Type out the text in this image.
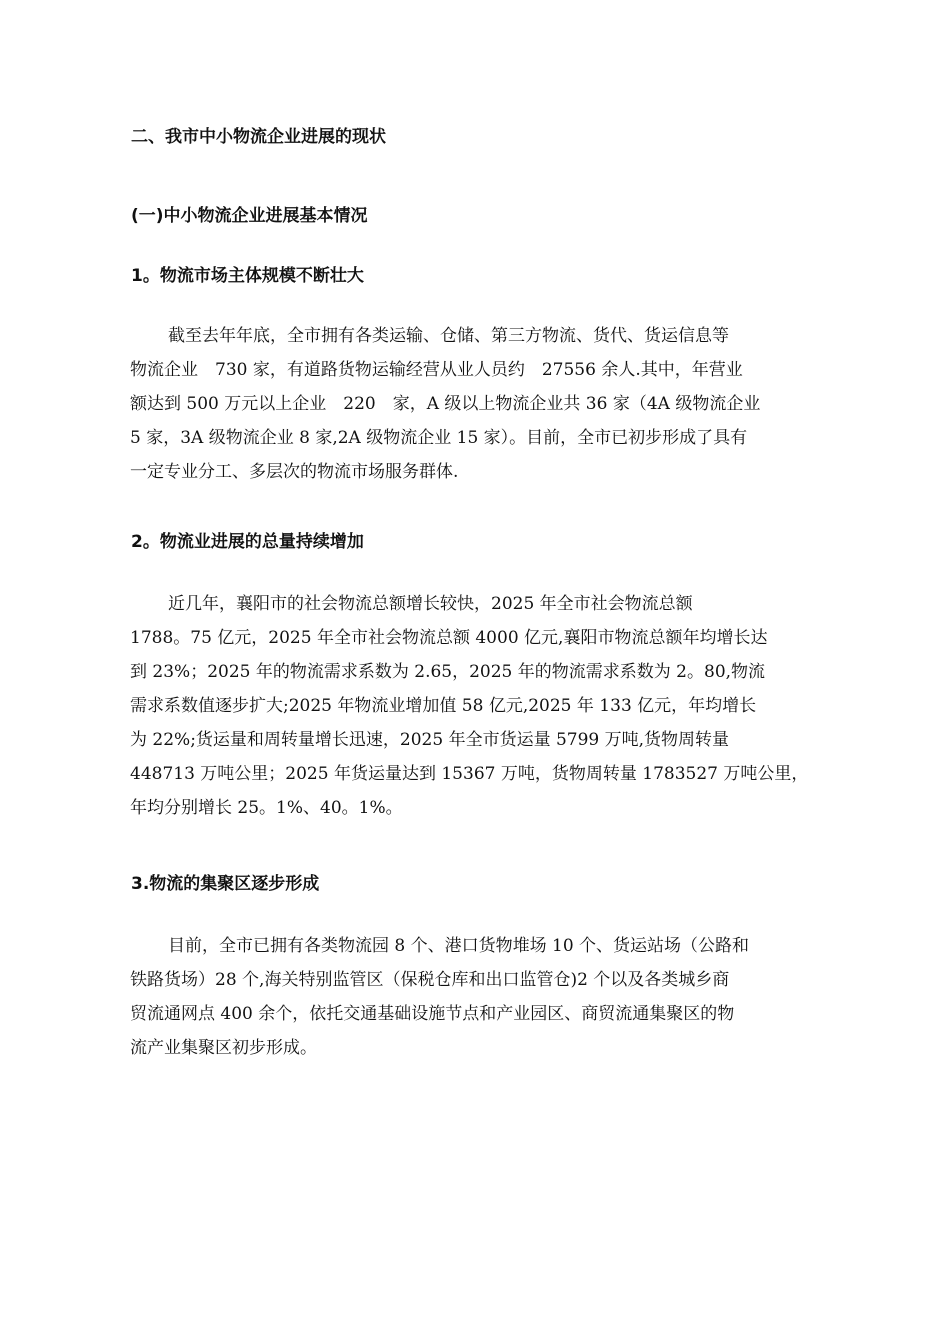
二、我市中小物流企业进展的现状
(一)中小物流企业进展基本情况
1。物流市场主体规模不断壮大
截至去年年底，全市拥有各类运输、仓储、第三方物流、货代、货运信息等
物流企业　730 家，有道路货物运输经营从业人员约　27556 余人.其中，年营业
额达到 500 万元以上企业　220　家，A 级以上物流企业共 36 家（4A 级物流企业
5 家，3A 级物流企业 8 家,2A 级物流企业 15 家）。目前，全市已初步形成了具有
一定专业分工、多层次的物流市场服务群体.
2。物流业进展的总量持续增加
近几年，襄阳市的社会物流总额增长较快，2025 年全市社会物流总额
1788。75 亿元，2025 年全市社会物流总额 4000 亿元,襄阳市物流总额年均增长达
到 23%；2025 年的物流需求系数为 2.65，2025 年的物流需求系数为 2。80,物流
需求系数值逐步扩大;2025 年物流业增加值 58 亿元,2025 年 133 亿元，年均增长
为 22%;货运量和周转量增长迅速，2025 年全市货运量 5799 万吨,货物周转量
448713 万吨公里；2025 年货运量达到 15367 万吨，货物周转量 1783527 万吨公里，
年均分别增长 25。1%、40。1%。
3.物流的集聚区逐步形成
目前，全市已拥有各类物流园 8 个、港口货物堆场 10 个、货运站场（公路和
铁路货场）28 个,海关特别监管区（保税仓库和出口监管仓)2 个以及各类城乡商
贸流通网点 400 余个，依托交通基础设施节点和产业园区、商贸流通集聚区的物
流产业集聚区初步形成。
